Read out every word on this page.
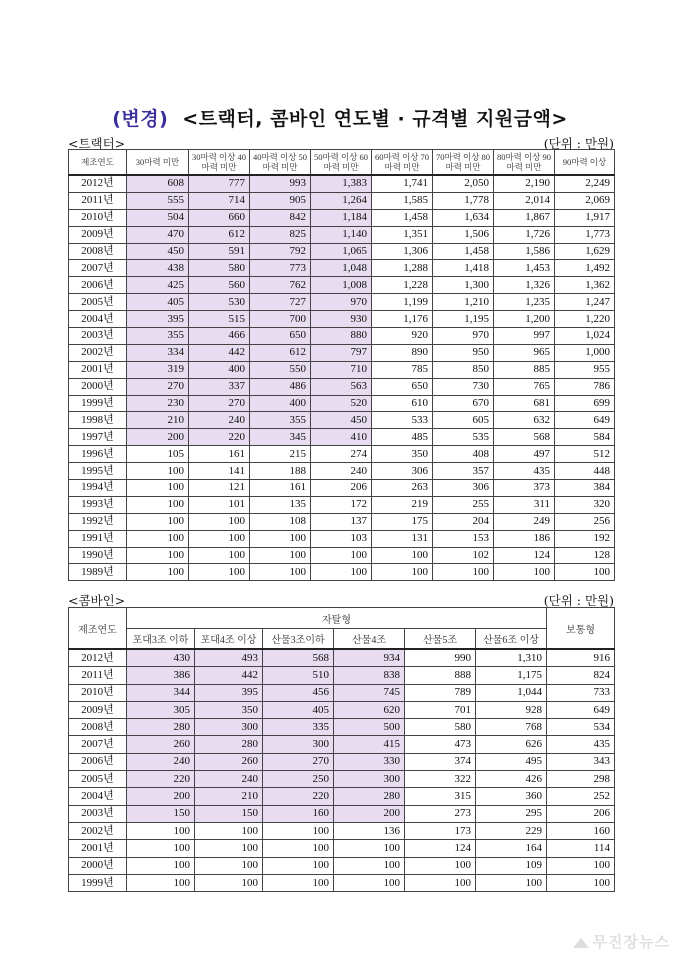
(변경) <트랙터, 콤바인 연도별 · 규격별 지원금액>
<트랙터>	(단위 : 만원)
제조연도	30마력 미만	30마력 이상 40마력 미만	40마력 이상 50마력 미만	50마력 이상 60마력 미만	60마력 이상 70마력 미만	70마력 이상 80마력 미만	80마력 이상 90마력 미만	90마력 이상
2012년	608	777	993	1,383	1,741	2,050	2,190	2,249
2011년	555	714	905	1,264	1,585	1,778	2,014	2,069
2010년	504	660	842	1,184	1,458	1,634	1,867	1,917
2009년	470	612	825	1,140	1,351	1,506	1,726	1,773
2008년	450	591	792	1,065	1,306	1,458	1,586	1,629
2007년	438	580	773	1,048	1,288	1,418	1,453	1,492
2006년	425	560	762	1,008	1,228	1,300	1,326	1,362
2005년	405	530	727	970	1,199	1,210	1,235	1,247
2004년	395	515	700	930	1,176	1,195	1,200	1,220
2003년	355	466	650	880	920	970	997	1,024
2002년	334	442	612	797	890	950	965	1,000
2001년	319	400	550	710	785	850	885	955
2000년	270	337	486	563	650	730	765	786
1999년	230	270	400	520	610	670	681	699
1998년	210	240	355	450	533	605	632	649
1997년	200	220	345	410	485	535	568	584
1996년	105	161	215	274	350	408	497	512
1995년	100	141	188	240	306	357	435	448
1994년	100	121	161	206	263	306	373	384
1993년	100	101	135	172	219	255	311	320
1992년	100	100	108	137	175	204	249	256
1991년	100	100	100	103	131	153	186	192
1990년	100	100	100	100	100	102	124	128
1989년	100	100	100	100	100	100	100	100
<콤바인>	(단위 : 만원)
제조연도	자탈형						보통형
	포대3조 이하	포대4조 이상	산물3조이하	산물4조	산물5조	산물6조 이상	
2012년	430	493	568	934	990	1,310	916
2011년	386	442	510	838	888	1,175	824
2010년	344	395	456	745	789	1,044	733
2009년	305	350	405	620	701	928	649
2008년	280	300	335	500	580	768	534
2007년	260	280	300	415	473	626	435
2006년	240	260	270	330	374	495	343
2005년	220	240	250	300	322	426	298
2004년	200	210	220	280	315	360	252
2003년	150	150	160	200	273	295	206
2002년	100	100	100	136	173	229	160
2001년	100	100	100	100	124	164	114
2000년	100	100	100	100	100	109	100
1999년	100	100	100	100	100	100	100
무진장뉴스
